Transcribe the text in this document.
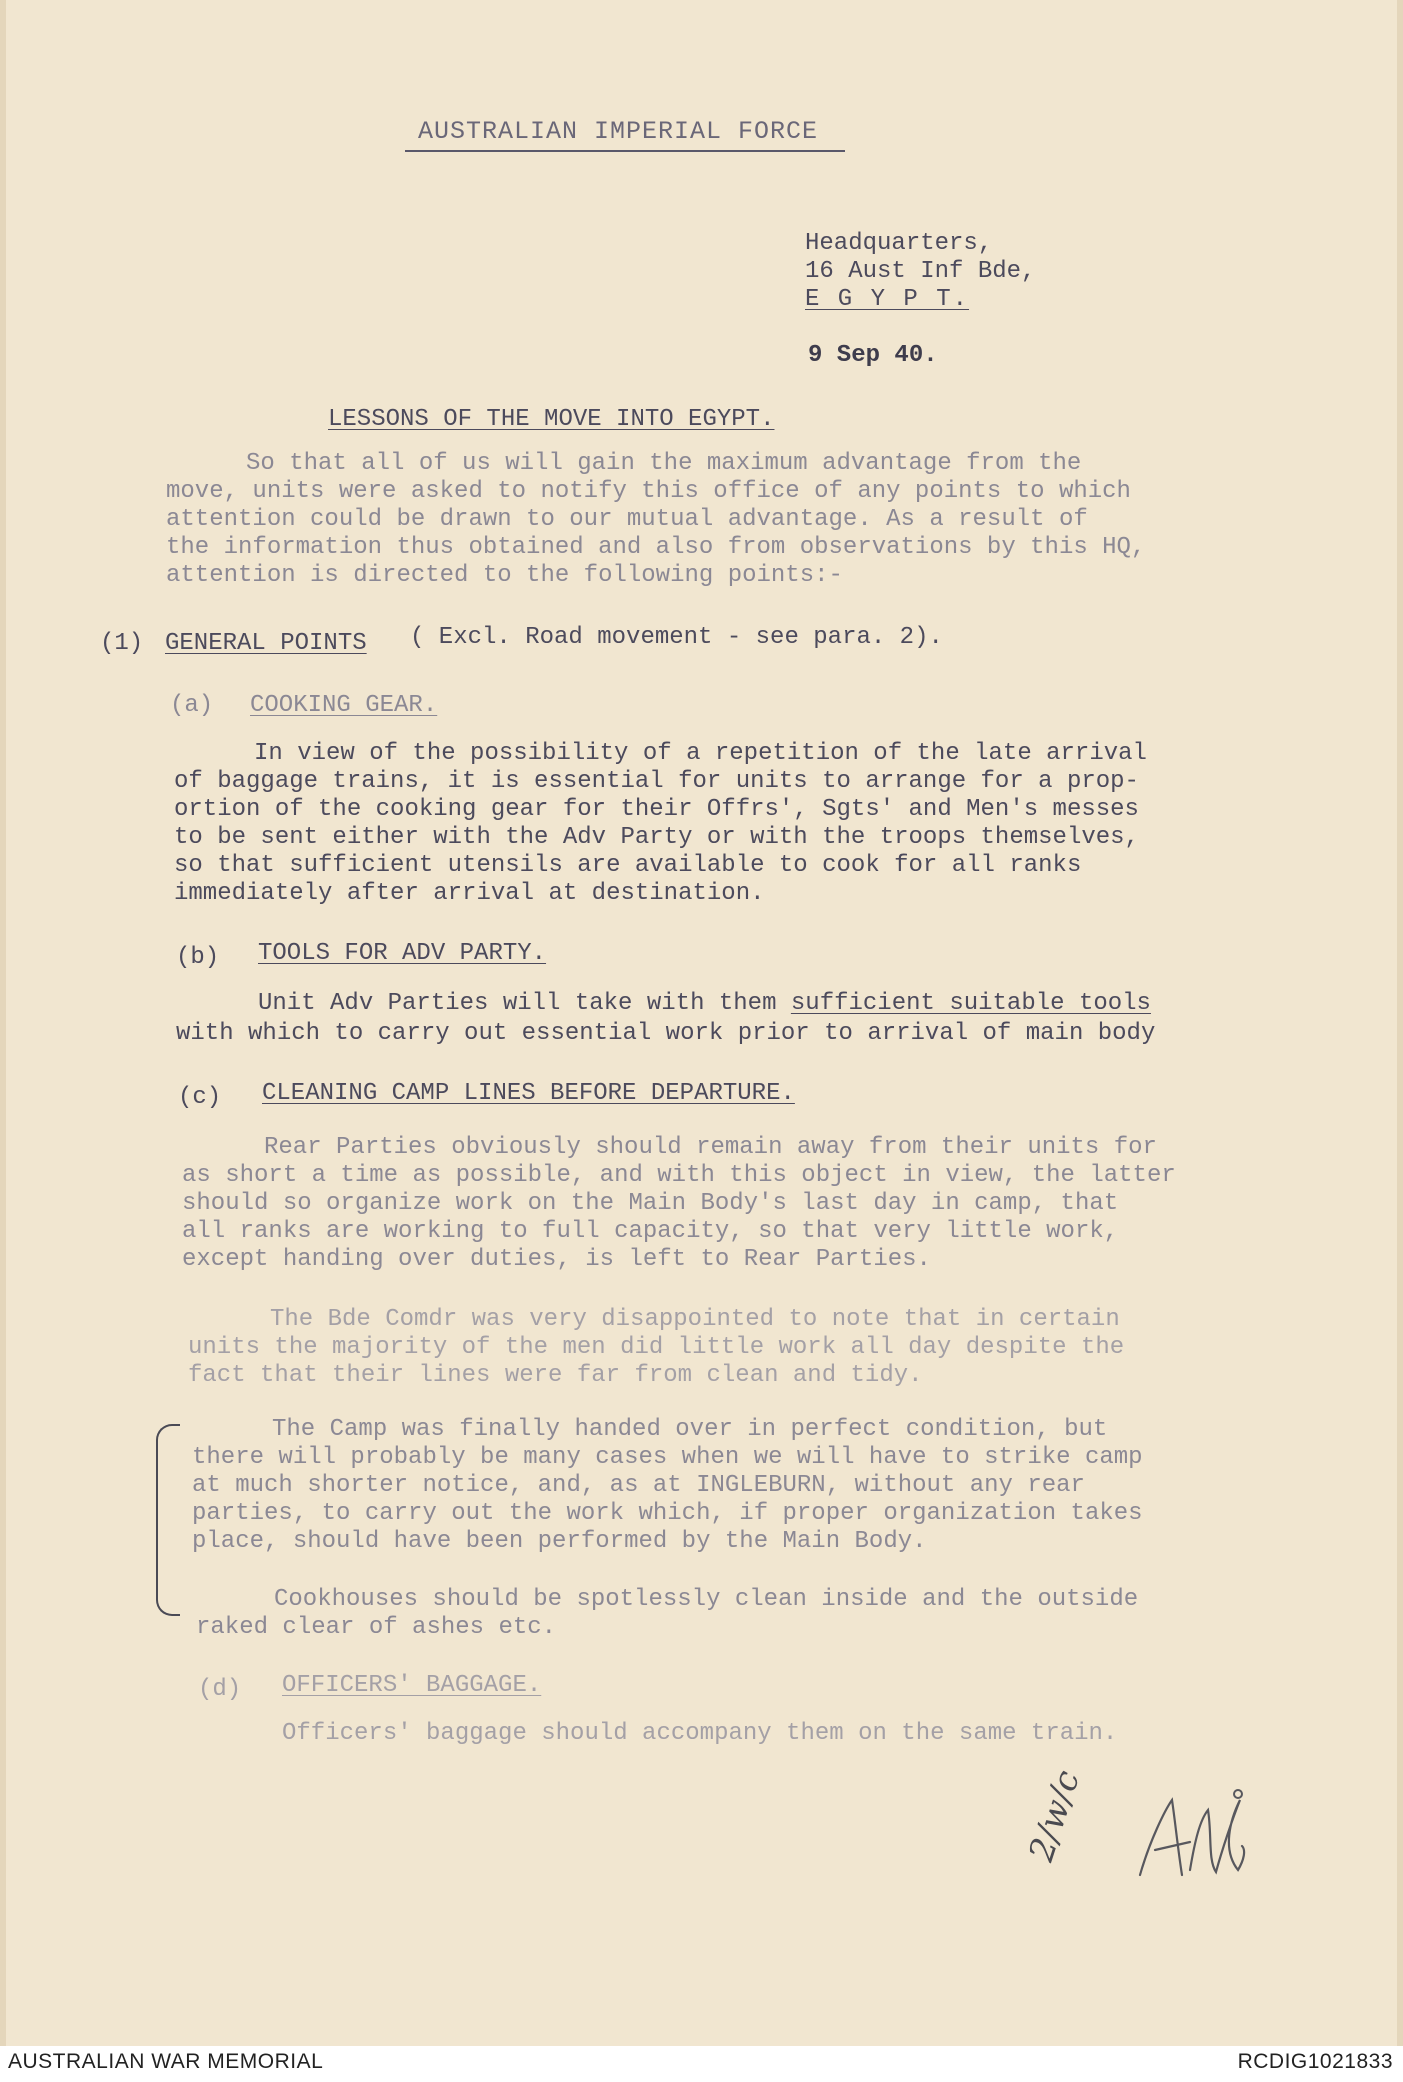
AUSTRALIAN IMPERIAL FORCE
Headquarters,
16 Aust Inf Bde,
E G Y P T.
9 Sep 40.
LESSONS OF THE MOVE INTO EGYPT.
So that all of us will gain the maximum advantage from the
move, units were asked to notify this office of any points to which
attention could be drawn to our mutual advantage. As a result of
the information thus obtained and also from observations by this HQ,
attention is directed to the following points:-
(1) GENERAL POINTS ( Excl. Road movement - see para. 2).
(a) COOKING GEAR.
In view of the possibility of a repetition of the late arrival
of baggage trains, it is essential for units to arrange for a prop-
ortion of the cooking gear for their Offrs', Sgts' and Men's messes
to be sent either with the Adv Party or with the troops themselves,
so that sufficient utensils are available to cook for all ranks
immediately after arrival at destination.
(b) TOOLS FOR ADV PARTY.
Unit Adv Parties will take with them sufficient suitable tools
with which to carry out essential work prior to arrival of main body
(c) CLEANING CAMP LINES BEFORE DEPARTURE.
Rear Parties obviously should remain away from their units for
as short a time as possible, and with this object in view, the latter
should so organize work on the Main Body's last day in camp, that
all ranks are working to full capacity, so that very little work,
except handing over duties, is left to Rear Parties.
The Bde Comdr was very disappointed to note that in certain
units the majority of the men did little work all day despite the
fact that their lines were far from clean and tidy.
The Camp was finally handed over in perfect condition, but
there will probably be many cases when we will have to strike camp
at much shorter notice, and, as at INGLEBURN, without any rear
parties, to carry out the work which, if proper organization takes
place, should have been performed by the Main Body.
Cookhouses should be spotlessly clean inside and the outside
raked clear of ashes etc.
(d) OFFICERS' BAGGAGE.
Officers' baggage should accompany them on the same train.
2/w/c
AUSTRALIAN WAR MEMORIAL	RCDIG1021833
